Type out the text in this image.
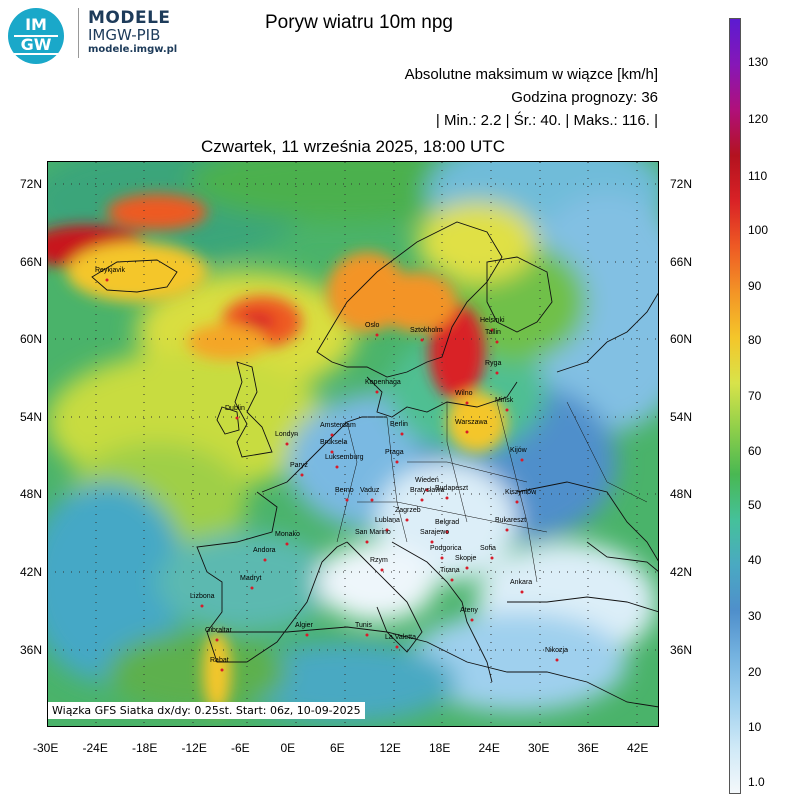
IM
GW
MODELE
IMGW-PIB
modele.imgw.pl
Poryw wiatru 10m npg
Absolutne maksimum w wiązce [km/h]
Godzina prognozy: 36
| Min.: 2.2 | Śr.: 40. | Maks.: 116. |
Reykjavik
Oslo
Sztokholm
Helsinki
Tallin
Ryga
Kopenhaga
Wilno
Mińsk
Dublin
Amsterdam	Berlin	Warszawa
Londyn
Bruksela
Luksemburg
Praga	Kijów
Paryż
Wiedeń
Bratysława
Budapeszt
Berno Vaduz	Kiszyniów
Zagrzeb
Lublana	Belgrad	Bukareszt
Monako	San Marino	Sarajewo
Podgorica	Sofia
Andora
Rzym	Skopje
Tirana
Madryt
Ankara
Lizbona
Ateny
Gibraltar
Algier	Tunis
La Valetta
Nikozja
Rabat
Czwartek, 11 września 2025, 18:00 UTC
Wiązka GFS Siatka dx/dy: 0.25st. Start: 06z, 10-09-2025
72N
66N
60N
54N
48N
42N
36N
72N
66N
60N
54N
48N
42N
36N
-30E -24E -18E -12E -6E	0E	6E	12E 18E 24E 30E 36E 42E
130
120
110
100
90
80
70
60
50
40
30
20
10
1.0
